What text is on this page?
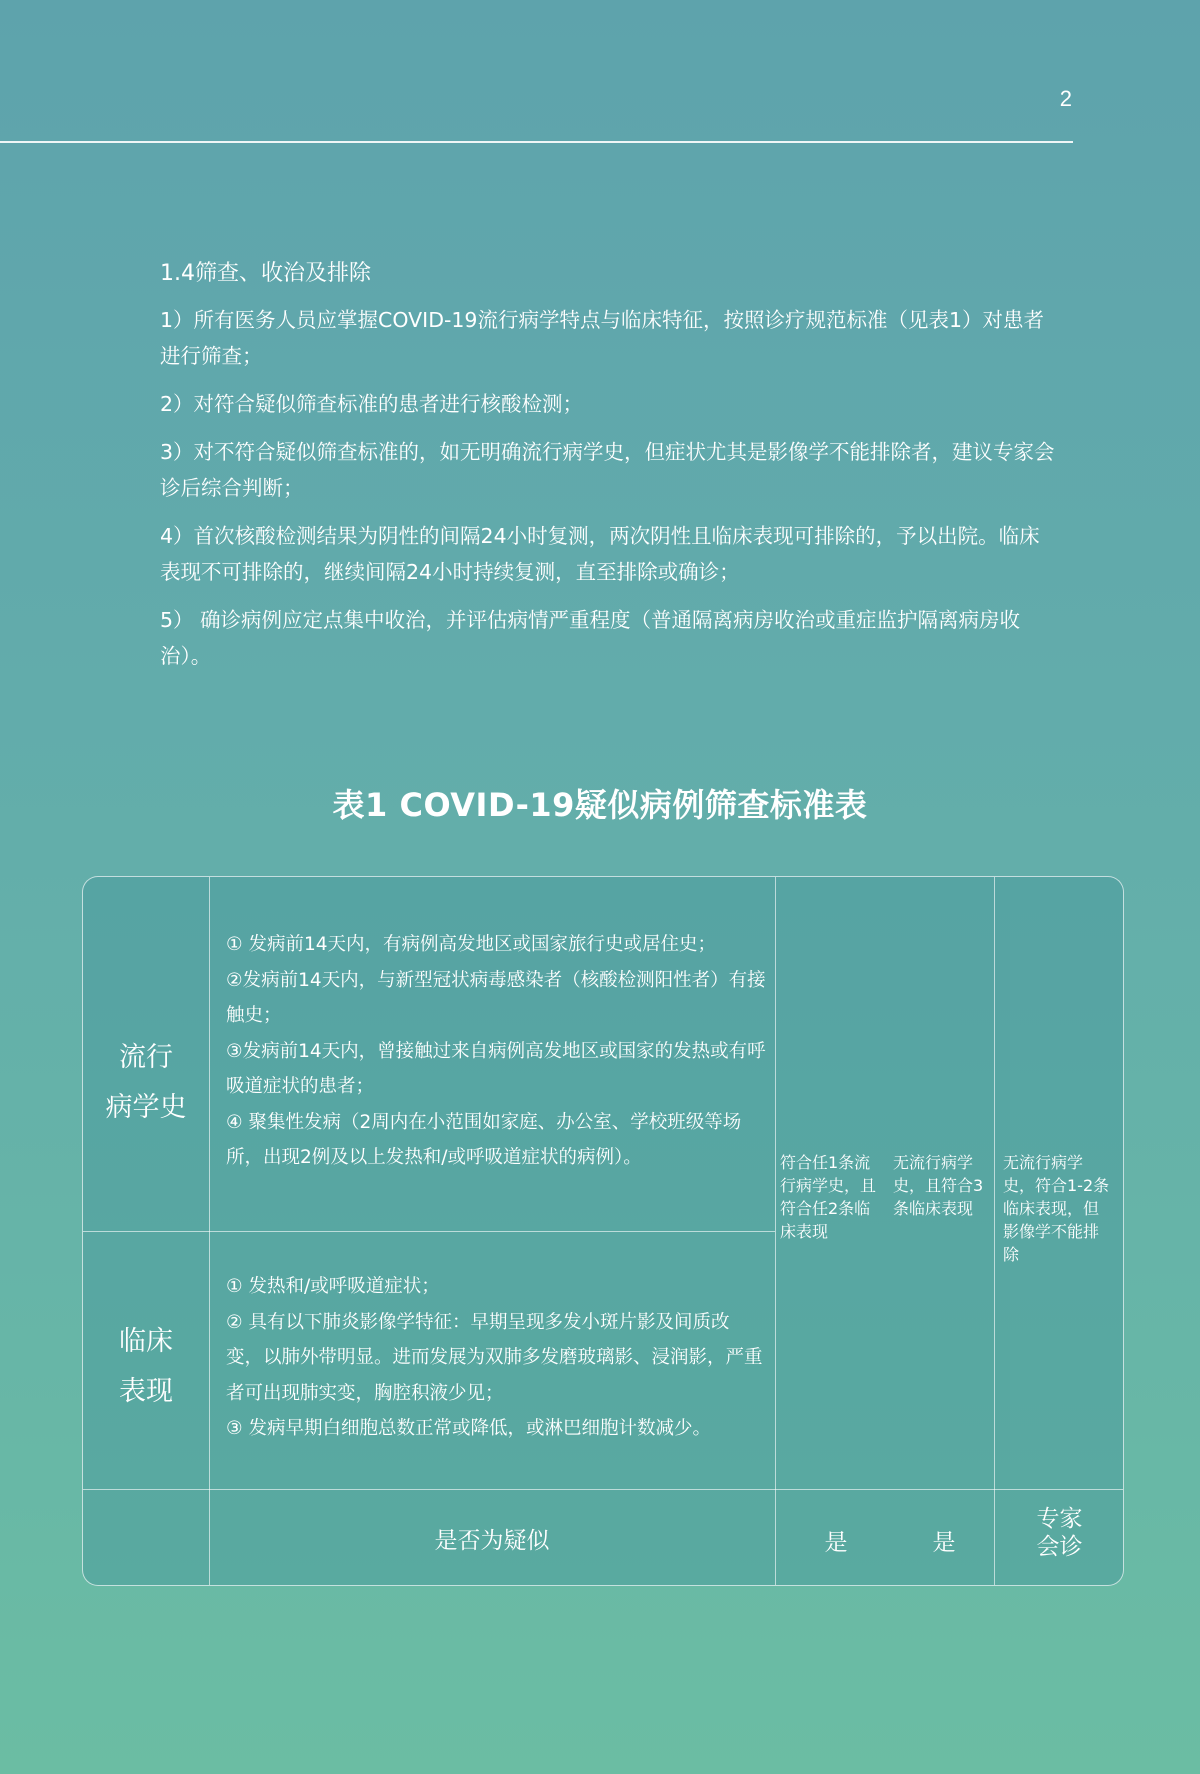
2

1.4筛查、收治及排除

1）所有医务人员应掌握COVID-19流行病学特点与临床特征，按照诊疗规范标准（见表1）对患者进行筛查；

2）对符合疑似筛查标准的患者进行核酸检测；

3）对不符合疑似筛查标准的，如无明确流行病学史，但症状尤其是影像学不能排除者，建议专家会诊后综合判断；

4）首次核酸检测结果为阴性的间隔24小时复测，两次阴性且临床表现可排除的，予以出院。临床表现不可排除的，继续间隔24小时持续复测，直至排除或确诊；

5） 确诊病例应定点集中收治，并评估病情严重程度（普通隔离病房收治或重症监护隔离病房收治）。

表1 COVID-19疑似病例筛查标准表
流行
病学史
① 发病前14天内，有病例高发地区或国家旅行史或居住史；
②发病前14天内，与新型冠状病毒感染者（核酸检测阳性者）有接触史；
③发病前14天内，曾接触过来自病例高发地区或国家的发热或有呼吸道症状的患者；
④ 聚集性发病（2周内在小范围如家庭、办公室、学校班级等场所，出现2例及以上发热和/或呼吸道症状的病例）。
临床
表现
① 发热和/或呼吸道症状；
② 具有以下肺炎影像学特征：早期呈现多发小斑片影及间质改变，以肺外带明显。进而发展为双肺多发磨玻璃影、浸润影，严重者可出现肺实变，胸腔积液少见；
③ 发病早期白细胞总数正常或降低，或淋巴细胞计数减少。
符合任1条流行病学史，且符合任2条临床表现
无流行病学史，且符合3条临床表现
无流行病学史，符合1-2条临床表现，但影像学不能排除
是否为疑似	是	是
专家
会诊
